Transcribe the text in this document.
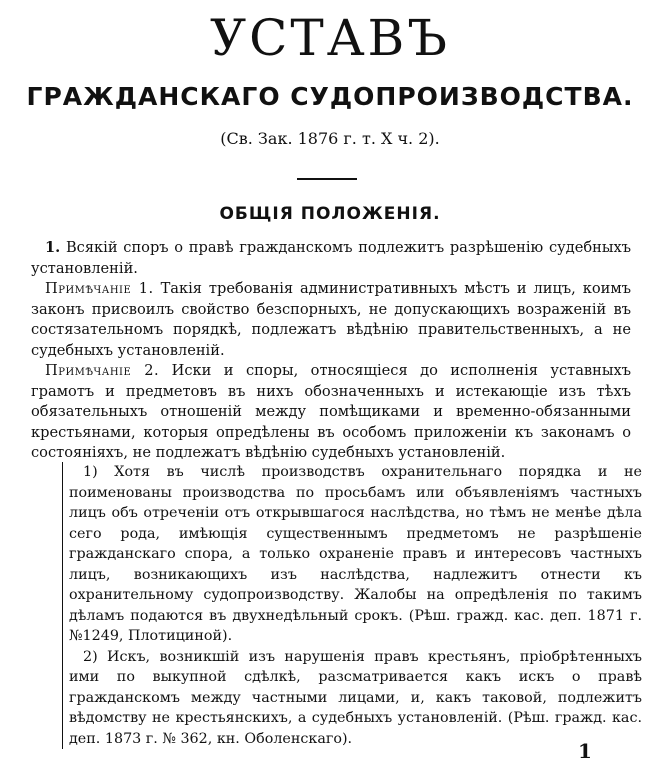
УСТАВЪ
ГРАЖДАНСКАГО СУДОПРОИЗВОДСТВА.
(Св. Зак. 1876 г. т. X ч. 2).
ОБЩІЯ ПОЛОЖЕНІЯ.

1. Всякій споръ о правѣ гражданскомъ подлежитъ разрѣшенію судебныхъ установленій.

Примѣчаніе 1. Такія требованія административныхъ мѣстъ и лицъ, коимъ законъ присвоилъ свойство безспорныхъ, не допускающихъ возраженій въ состязательномъ порядкѣ, подлежатъ вѣдѣнію правительственныхъ, а не судебныхъ установленій.

Примѣчаніе 2. Иски и споры, относящіеся до исполненія уставныхъ грамотъ и предметовъ въ нихъ обозначенныхъ и истекающіе изъ тѣхъ обязательныхъ отношеній между помѣщиками и временно-обязанными крестьянами, которыя опредѣлены въ особомъ приложеніи къ законамъ о состояніяхъ, не подлежатъ вѣдѣнію судебныхъ установленій.

1) Хотя въ числѣ производствъ охранительнаго порядка и не поименованы производства по просьбамъ или объявленіямъ частныхъ лицъ объ отреченіи отъ открывшагося наслѣдства, но тѣмъ не менѣе дѣла сего рода, имѣющія существеннымъ предметомъ не разрѣшеніе гражданскаго спора, а только охраненіе правъ и интересовъ частныхъ лицъ, возникающихъ изъ наслѣдства, надлежитъ отнести къ охранительному судопроизводству. Жалобы на опредѣленія по такимъ дѣламъ подаются въ двухнедѣльный срокъ. (Рѣш. гражд. кас. деп. 1871 г. №1249, Плотициной).

2) Искъ, возникшій изъ нарушенія правъ крестьянъ, пріобрѣтенныхъ ими по выкупной сдѣлкѣ, разсматривается какъ искъ о правѣ гражданскомъ между частными лицами, и, какъ таковой, подлежитъ вѣдомству не крестьянскихъ, а судебныхъ установленій. (Рѣш. гражд. кас. деп. 1873 г. № 362, кн. Оболенскаго).

1
